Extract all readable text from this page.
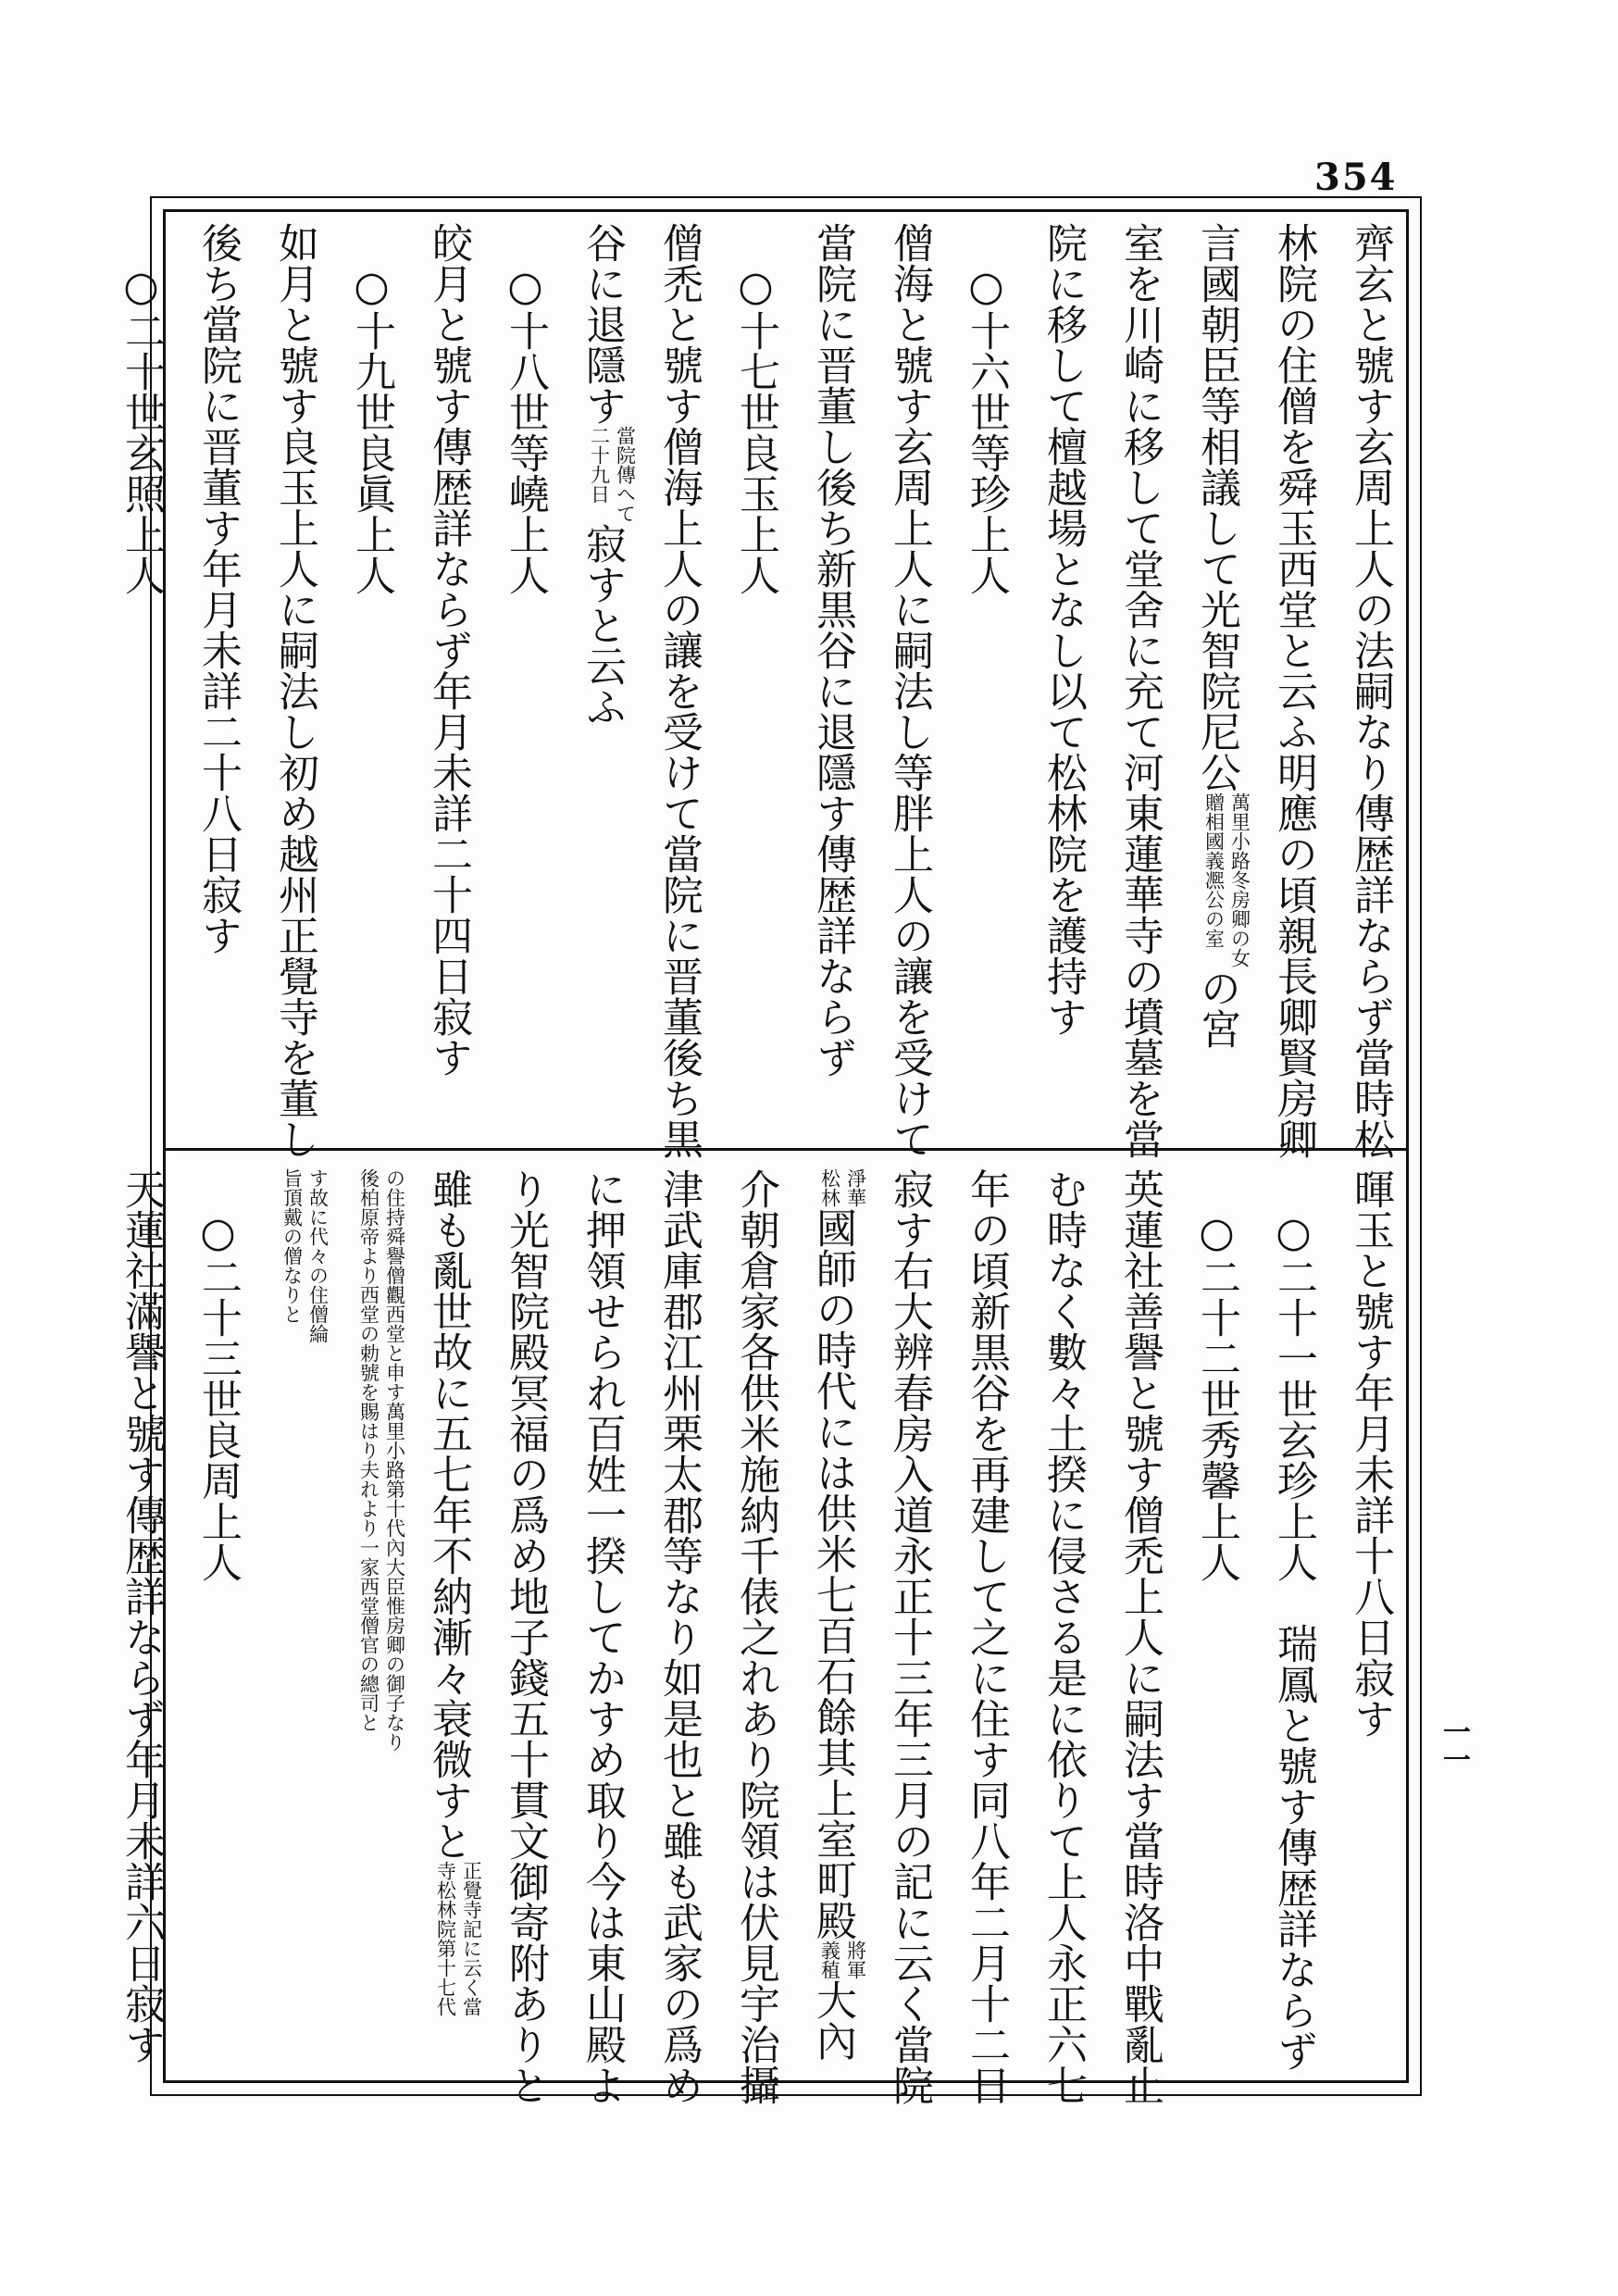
354
一一
齊玄と號す玄周上人の法嗣なり傳歴詳ならず當時松
林院の住僧を舜玉西堂と云ふ明應の頃親長卿賢房卿
言國朝臣等相議して光智院尼公萬里小路冬房卿の女
贈相國義凞公の室の宮
室を川崎に移して堂舍に充て河東蓮華寺の墳墓を當
院に移して檀越場となし以て松林院を護持す
○十六世等珍上人
僧海と號す玄周上人に嗣法し等胖上人の讓を受けて
當院に晋董し後ち新黒谷に退隱す傳歴詳ならず
○十七世良玉上人
僧禿と號す僧海上人の讓を受けて當院に晋董後ち黒
谷に退隱す當院傳へて
二十九日寂すと云ふ
○十八世等嶢上人
皎月と號す傳歴詳ならず年月未詳二十四日寂す
○十九世良眞上人
如月と號す良玉上人に嗣法し初め越州正覺寺を董し
後ち當院に晋董す年月未詳二十八日寂す
○二十世玄照上人
暉玉と號す年月未詳十八日寂す
○二十一世玄珍上人　瑞鳳と號す傳歴詳ならず
○二十二世秀馨上人
英蓮社善譽と號す僧禿上人に嗣法す當時洛中戰亂止
む時なく數々土揆に侵さる是に依りて上人永正六七
年の頃新黒谷を再建して之に住す同八年二月十二日
寂す右大辨春房入道永正十三年三月の記に云く當院
淨華
松林國師の時代には供米七百石餘其上室町殿將軍
義稙大內
介朝倉家各供米施納千俵之れあり院領は伏見宇治攝
津武庫郡江州栗太郡等なり如是也と雖も武家の爲め
に押領せられ百姓一揆してかすめ取り今は東山殿よ
り光智院殿冥福の爲め地子錢五十貫文御寄附ありと
雖も亂世故に五七年不納漸々衰微すと正覺寺記に云く當
寺松林院第十七代
の住持舜譽僧觀西堂と申す萬里小路第十代內大臣惟房卿の御子なり
後柏原帝より西堂の勅號を賜はり夫れより一家西堂僧官の總司と
す故に代々の住僧綸
旨頂戴の僧なりと
○二十三世良周上人
天蓮社滿譽と號す傳歴詳ならず年月未詳六日寂す
